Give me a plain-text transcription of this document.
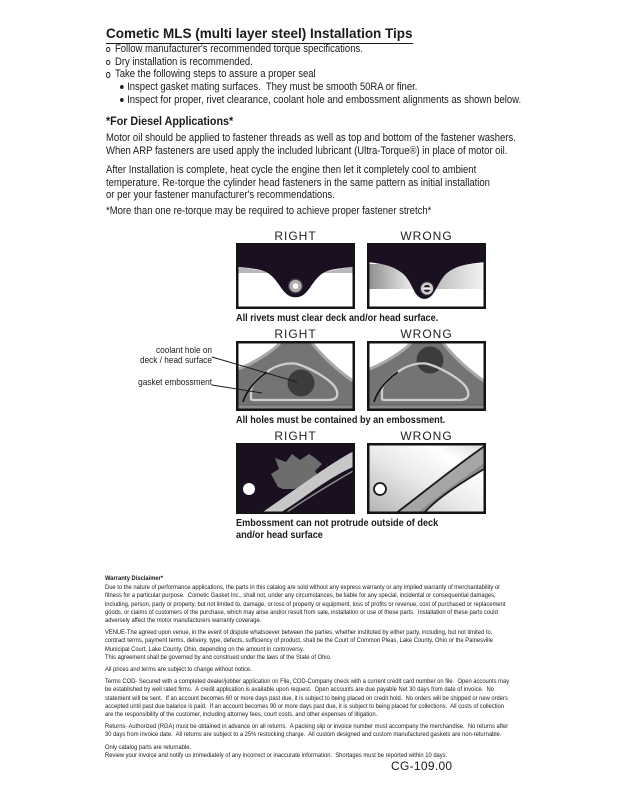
Cometic MLS (multi layer steel) Installation Tips
Follow manufacturer's recommended torque specifications.
Dry installation is recommended.
Take the following steps to assure a proper seal
Inspect gasket mating surfaces.  They must be smooth 50RA or finer.
Inspect for proper, rivet clearance, coolant hole and embossment alignments as shown below.
*For Diesel Applications*
Motor oil should be applied to fastener threads as well as top and bottom of the fastener washers.
When ARP fasteners are used apply the included lubricant (Ultra-Torque®) in place of motor oil.
After Installation is complete, heat cycle the engine then let it completely cool to ambient
temperature. Re-torque the cylinder head fasteners in the same pattern as initial installation
or per your fastener manufacturer's recommendations.
*More than one re-torque may be required to achieve proper fastener stretch*
RIGHT	WRONG
All rivets must clear deck and/or head surface.
RIGHT	WRONG
All holes must be contained by an embossment.
coolant hole on
deck / head surface
gasket embossment
RIGHT	WRONG
Embossment can not protrude outside of deck
and/or head surface
Warranty Disclaimer*
Due to the nature of performance applications, the parts in this catalog are sold without any express warranty or any implied warranty of merchantability or
fitness for a particular purpose.  Cometic Gasket Inc., shall not, under any circumstances, be liable for any special, incidental or consequential damages,
including, person, party or property, but not limited to, damage, or loss of property or equipment, loss of profits or revenue, cost of purchased or replacement
goods, or claims of customers of the purchase, which may arise and/or result from sale, installation or use of these parts.  Installation of these parts could
adversely affect the motor manufacturers warranty coverage.
VENUE-The agreed upon venue, in the event of dispute whatsoever between the parties, whether instituted by either party, including, but not limited to,
contract terms, payment terms, delivery, type, defects, sufficiency of product, shall be the Court of Common Pleas, Lake County, Ohio or the Painesville
Municipal Court, Lake County, Ohio, depending on the amount in controversy.
This agreement shall be governed by and construed under the laws of the State of Ohio.
All prices and terms are subject to change without notice.
Terms COD- Secured with a completed dealer/jobber application on File, COD-Company check with a current credit card number on file.  Open accounts may
be established by well rated firms.  A credit application is available upon request.  Open accounts are due payable Net 30 days from date of invoice.  No
statement will be sent.  If an account becomes 60 or more days past due, it is subject to being placed on credit hold.  No orders will be shipped or new orders
accepted until past due balance is paid.  If an account becomes 90 or more days past due, it is subject to being placed for collections.  All costs of collection
are the responsibility of the customer, including attorney fees, court costs, and other expenses of litigation.
Returns- Authorized (RGA) must be obtained in advance on all returns.  A packing slip or invoice number must accompany the merchandise.  No returns after
30 days from invoice date.  All returns are subject to a 25% restocking charge.  All custom designed and custom manufactured gaskets are non-returnable.
Only catalog parts are returnable.
Review your invoice and notify us immediately of any incorrect or inaccurate information.  Shortages must be reported within 10 days.
CG-109.00
